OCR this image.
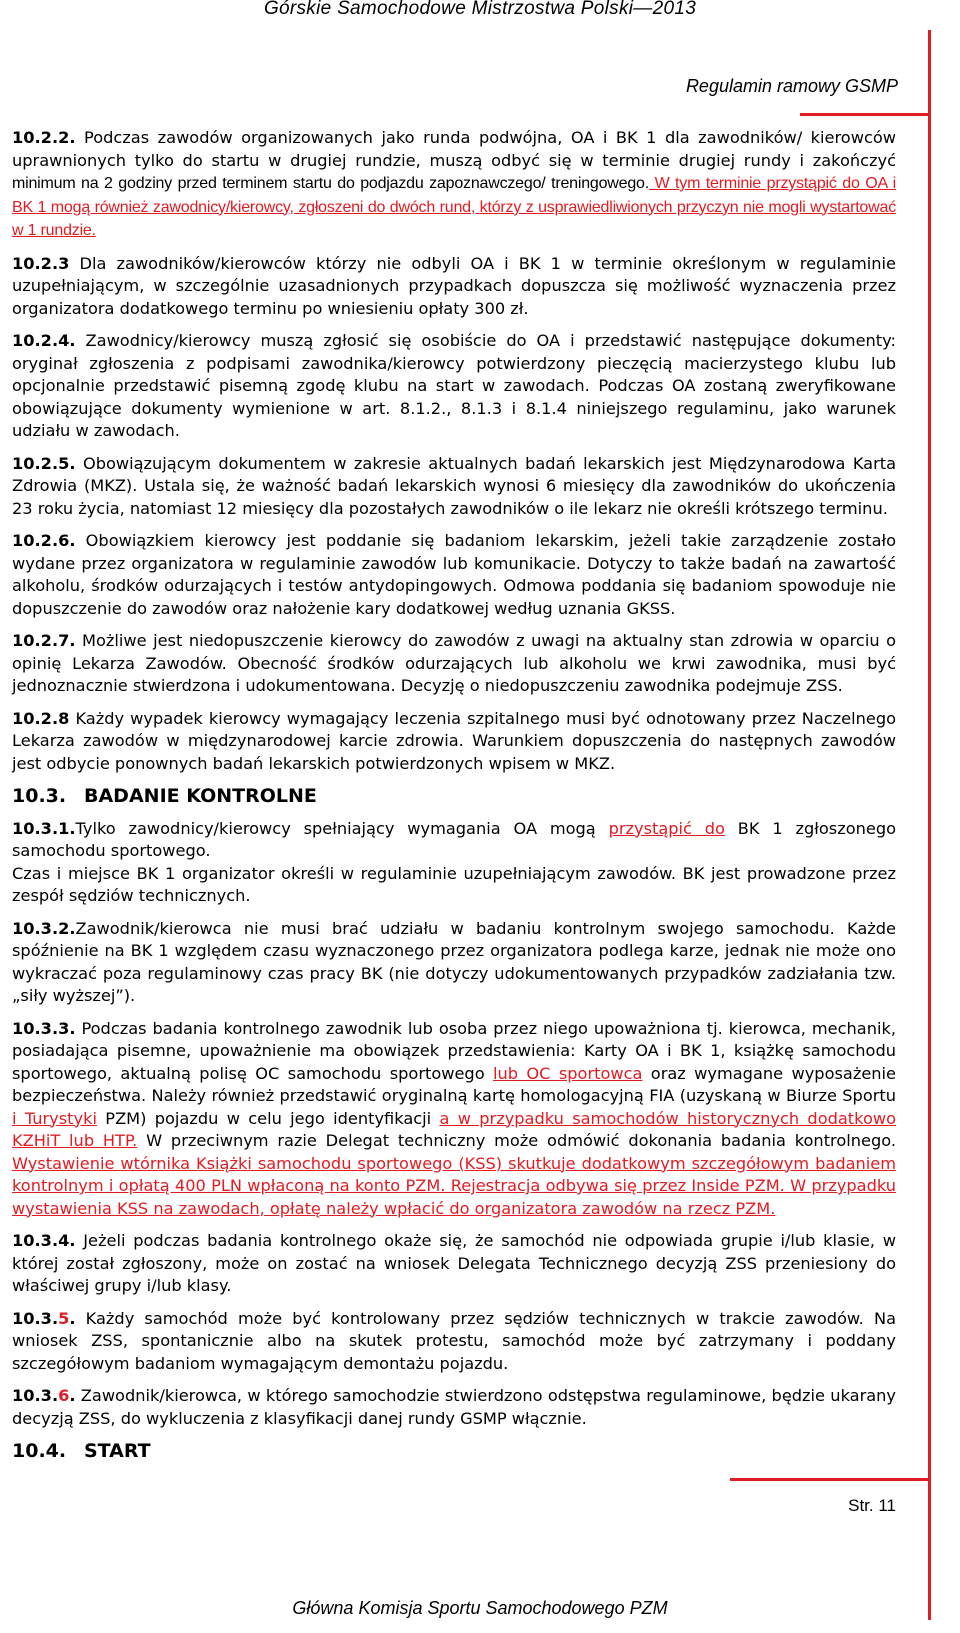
Górskie Samochodowe Mistrzostwa Polski—2013
Regulamin ramowy GSMP

10.2.2. Podczas zawodów organizowanych jako runda podwójna, OA i BK 1 dla zawodników/ kierowców uprawnionych tylko do startu w drugiej rundzie, muszą odbyć się w terminie drugiej rundy i zakończyć minimum na 2 godziny przed terminem startu do podjazdu zapoznawczego/ treningowego. W tym terminie przystąpić do OA i BK 1 mogą również zawodnicy/kierowcy, zgłoszeni do dwóch rund, którzy z usprawiedliwionych przyczyn nie mogli wystartować w 1 rundzie.

10.2.3 Dla zawodników/kierowców którzy nie odbyli OA i BK 1 w terminie określonym w regulaminie uzupełniającym, w szczególnie uzasadnionych przypadkach dopuszcza się możliwość wyznaczenia przez organizatora dodatkowego terminu po wniesieniu opłaty 300 zł.

10.2.4. Zawodnicy/kierowcy muszą zgłosić się osobiście do OA i przedstawić następujące dokumenty: oryginał zgłoszenia z podpisami zawodnika/kierowcy potwierdzony pieczęcią macierzystego klubu lub opcjonalnie przedstawić pisemną zgodę klubu na start w zawodach. Podczas OA zostaną zweryfikowane obowiązujące dokumenty wymienione w art. 8.1.2., 8.1.3 i 8.1.4 niniejszego regulaminu, jako warunek udziału w zawodach.

10.2.5. Obowiązującym dokumentem w zakresie aktualnych badań lekarskich jest Międzynarodowa Karta Zdrowia (MKZ). Ustala się, że ważność badań lekarskich wynosi 6 miesięcy dla zawodników do ukończenia 23 roku życia, natomiast 12 miesięcy dla pozostałych zawodników o ile lekarz nie określi krótszego terminu.

10.2.6. Obowiązkiem kierowcy jest poddanie się badaniom lekarskim, jeżeli takie zarządzenie zostało wydane przez organizatora w regulaminie zawodów lub komunikacie. Dotyczy to także badań na zawartość alkoholu, środków odurzających i testów antydopingowych. Odmowa poddania się badaniom spowoduje nie dopuszczenie do zawodów oraz nałożenie kary dodatkowej według uznania GKSS.

10.2.7. Możliwe jest niedopuszczenie kierowcy do zawodów z uwagi na aktualny stan zdrowia w oparciu o opinię Lekarza Zawodów. Obecność środków odurzających lub alkoholu we krwi zawodnika, musi być jednoznacznie stwierdzona i udokumentowana. Decyzję o niedopuszczeniu zawodnika podejmuje ZSS.

10.2.8 Każdy wypadek kierowcy wymagający leczenia szpitalnego musi być odnotowany przez Naczelnego Lekarza zawodów w międzynarodowej karcie zdrowia. Warunkiem dopuszczenia do następnych zawodów jest odbycie ponownych badań lekarskich potwierdzonych wpisem w MKZ.

10.3. BADANIE KONTROLNE

10.3.1.Tylko zawodnicy/kierowcy spełniający wymagania OA mogą przystąpić do BK 1 zgłoszonego samochodu sportowego.

Czas i miejsce BK 1 organizator określi w regulaminie uzupełniającym zawodów. BK jest prowadzone przez zespół sędziów technicznych.

10.3.2.Zawodnik/kierowca nie musi brać udziału w badaniu kontrolnym swojego samochodu. Każde spóźnienie na BK 1 względem czasu wyznaczonego przez organizatora podlega karze, jednak nie może ono wykraczać poza regulaminowy czas pracy BK (nie dotyczy udokumentowanych przypadków zadziałania tzw. „siły wyższej”).

10.3.3. Podczas badania kontrolnego zawodnik lub osoba przez niego upoważniona tj. kierowca, mechanik, posiadająca pisemne, upoważnienie ma obowiązek przedstawienia: Karty OA i BK 1, książkę samochodu sportowego, aktualną polisę OC samochodu sportowego lub OC sportowca oraz wymagane wyposażenie bezpieczeństwa. Należy również przedstawić oryginalną kartę homologacyjną FIA (uzyskaną w Biurze Sportu i Turystyki PZM) pojazdu w celu jego identyfikacji a w przypadku samochodów historycznych dodatkowo KZHiT lub HTP. W przeciwnym razie Delegat techniczny może odmówić dokonania badania kontrolnego. Wystawienie wtórnika Książki samochodu sportowego (KSS) skutkuje dodatkowym szczegółowym badaniem kontrolnym i opłatą 400 PLN wpłaconą na konto PZM. Rejestracja odbywa się przez Inside PZM. W przypadku wystawienia KSS na zawodach, opłatę należy wpłacić do organizatora zawodów na rzecz PZM.

10.3.4. Jeżeli podczas badania kontrolnego okaże się, że samochód nie odpowiada grupie i/lub klasie, w której został zgłoszony, może on zostać na wniosek Delegata Technicznego decyzją ZSS przeniesiony do właściwej grupy i/lub klasy.

10.3.5. Każdy samochód może być kontrolowany przez sędziów technicznych w trakcie zawodów. Na wniosek ZSS, spontanicznie albo na skutek protestu, samochód może być zatrzymany i poddany szczegółowym badaniom wymagającym demontażu pojazdu.

10.3.6. Zawodnik/kierowca, w którego samochodzie stwierdzono odstępstwa regulaminowe, będzie ukarany decyzją ZSS, do wykluczenia z klasyfikacji danej rundy GSMP włącznie.

10.4. START

Str. 11
Główna Komisja Sportu Samochodowego PZM
